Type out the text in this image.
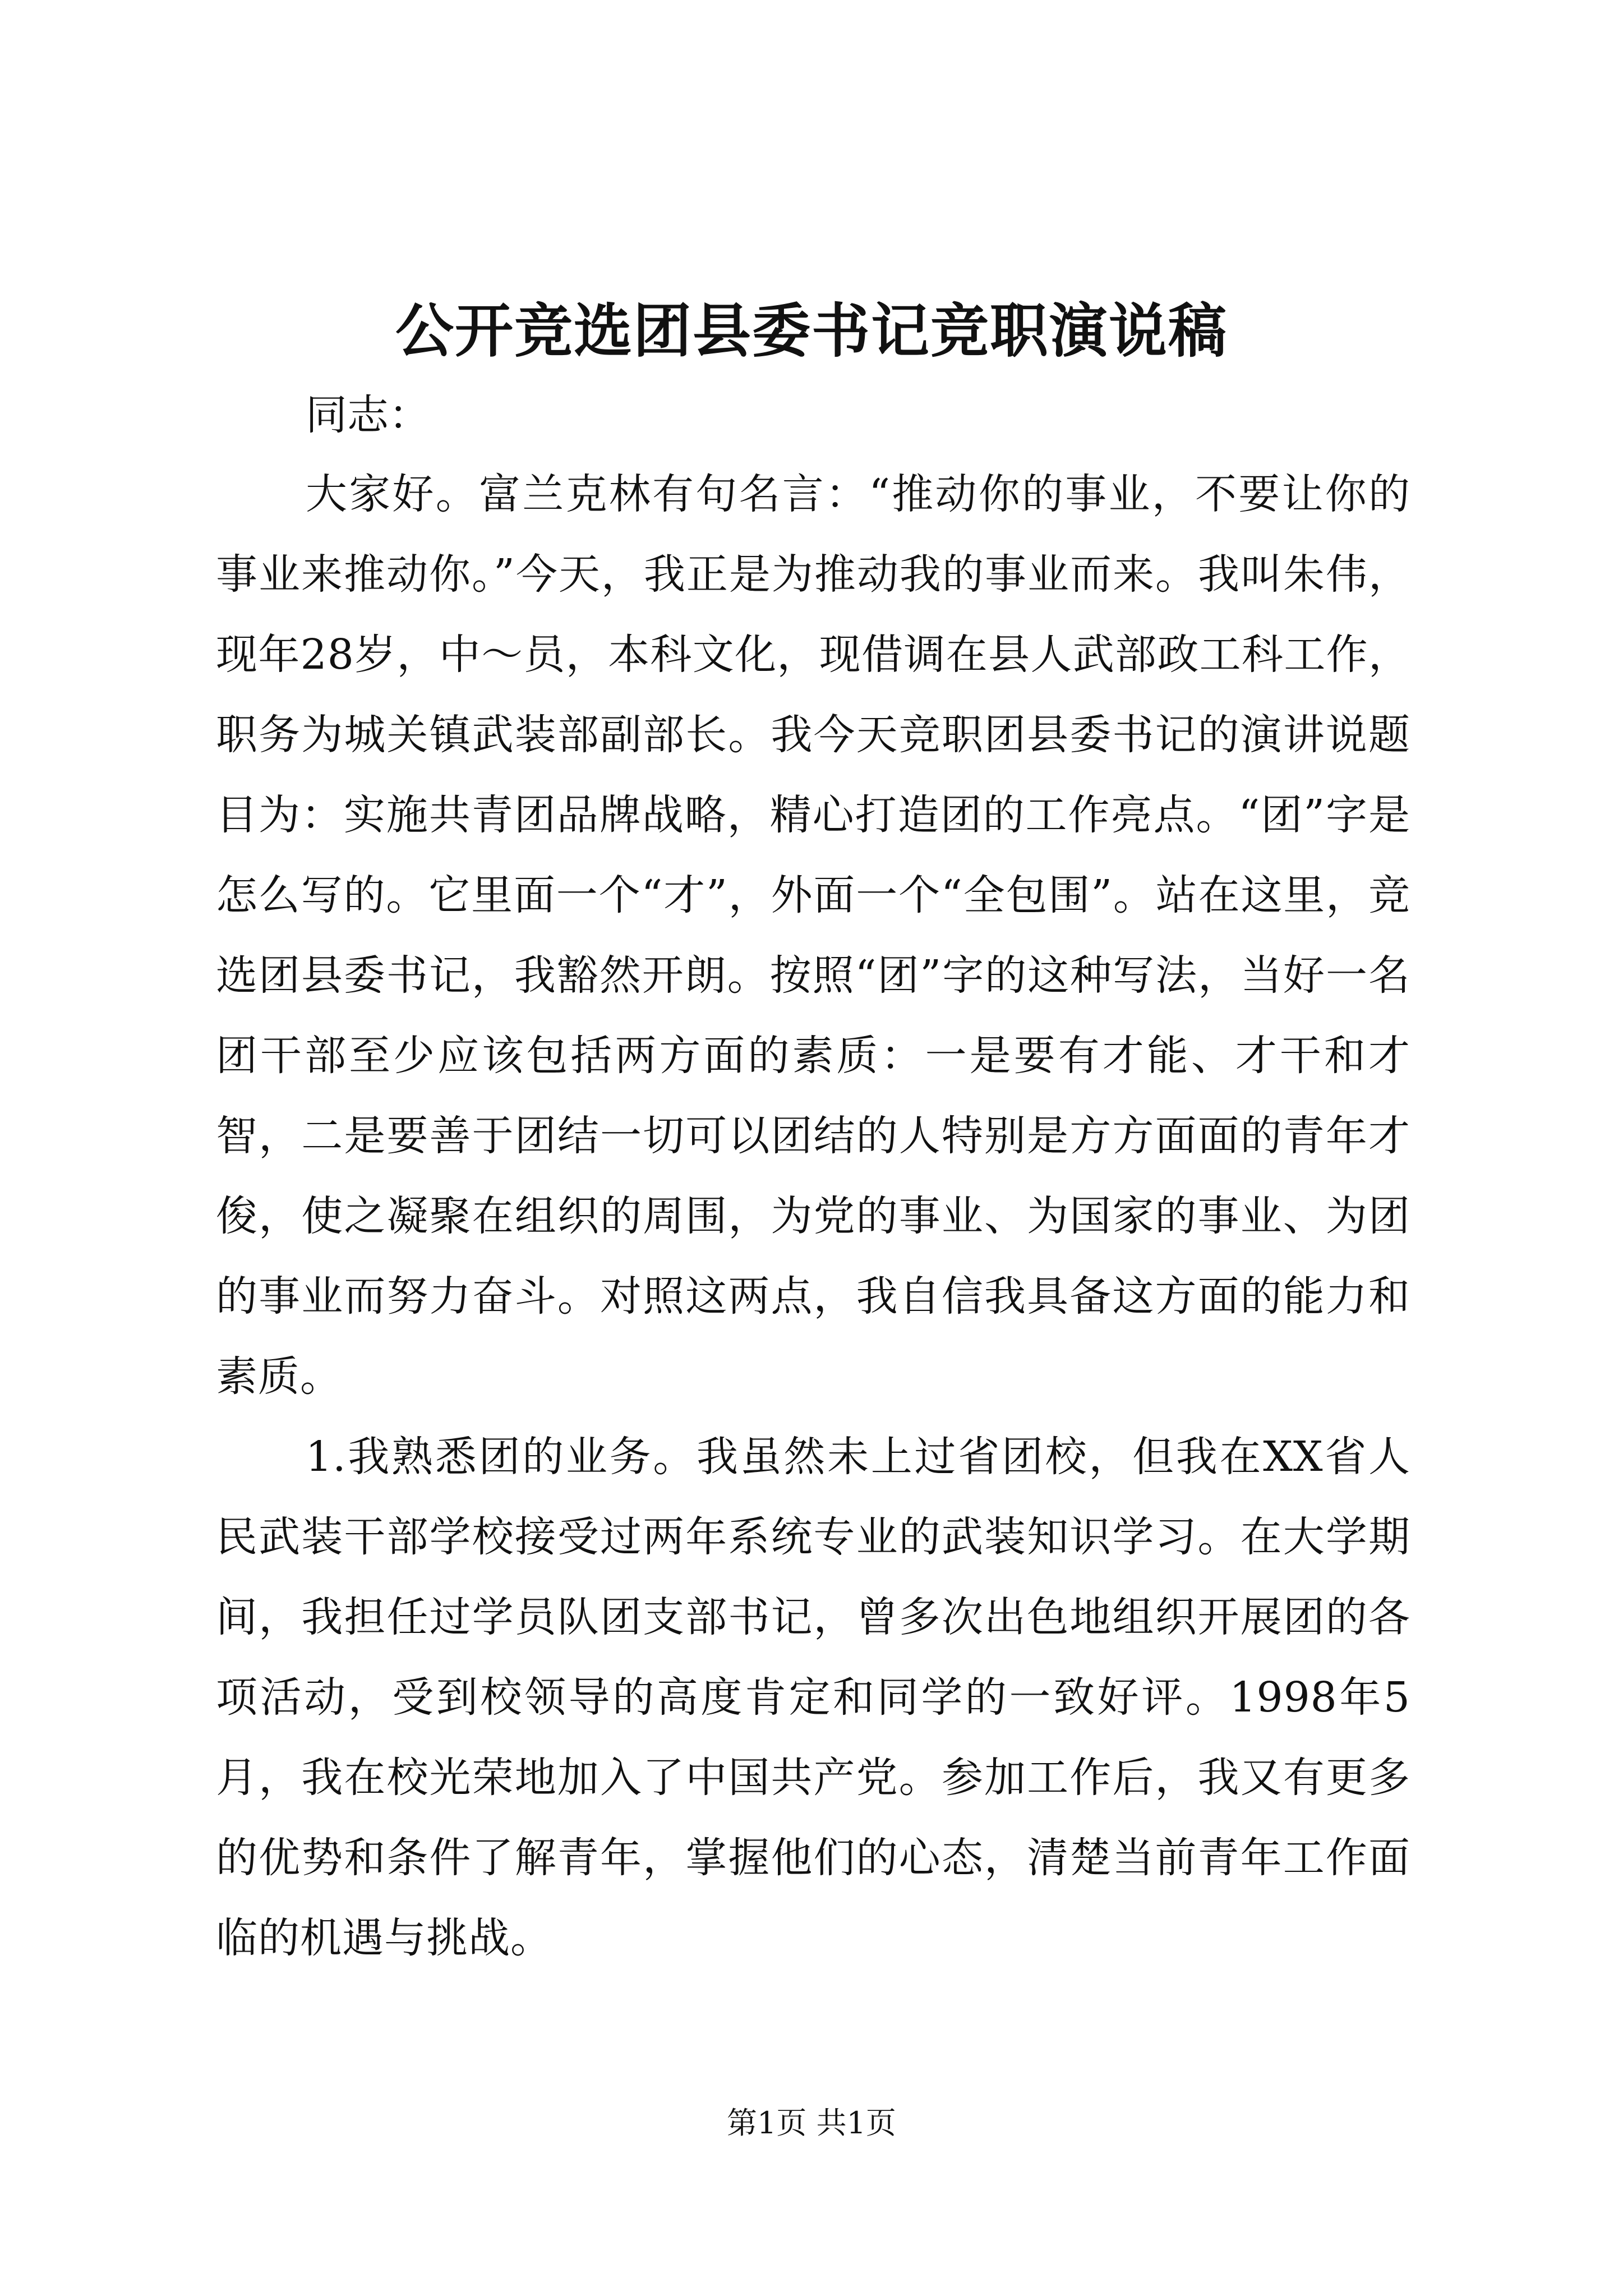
公开竞选团县委书记竞职演说稿
同志：

大家好。富兰克林有句名言：“推动你的事业，不要让你的事业来推动你。”今天，我正是为推动我的事业而来。我叫朱伟，现年28岁，中～员，本科文化，现借调在县人武部政工科工作，职务为城关镇武装部副部长。我今天竞职团县委书记的演讲说题目为：实施共青团品牌战略，精心打造团的工作亮点。“团”字是怎么写的。它里面一个“才”，外面一个“全包围”。站在这里，竞选团县委书记，我豁然开朗。按照“团”字的这种写法，当好一名团干部至少应该包括两方面的素质：一是要有才能、才干和才智，二是要善于团结一切可以团结的人特别是方方面面的青年才俊，使之凝聚在组织的周围，为党的事业、为国家的事业、为团的事业而努力奋斗。对照这两点，我自信我具备这方面的能力和素质。

1.我熟悉团的业务。我虽然未上过省团校，但我在XX省人民武装干部学校接受过两年系统专业的武装知识学习。在大学期间，我担任过学员队团支部书记，曾多次出色地组织开展团的各项活动，受到校领导的高度肯定和同学的一致好评。1998年5月，我在校光荣地加入了中国共产党。参加工作后，我又有更多的优势和条件了解青年，掌握他们的心态，清楚当前青年工作面临的机遇与挑战。

第1页 共1页
